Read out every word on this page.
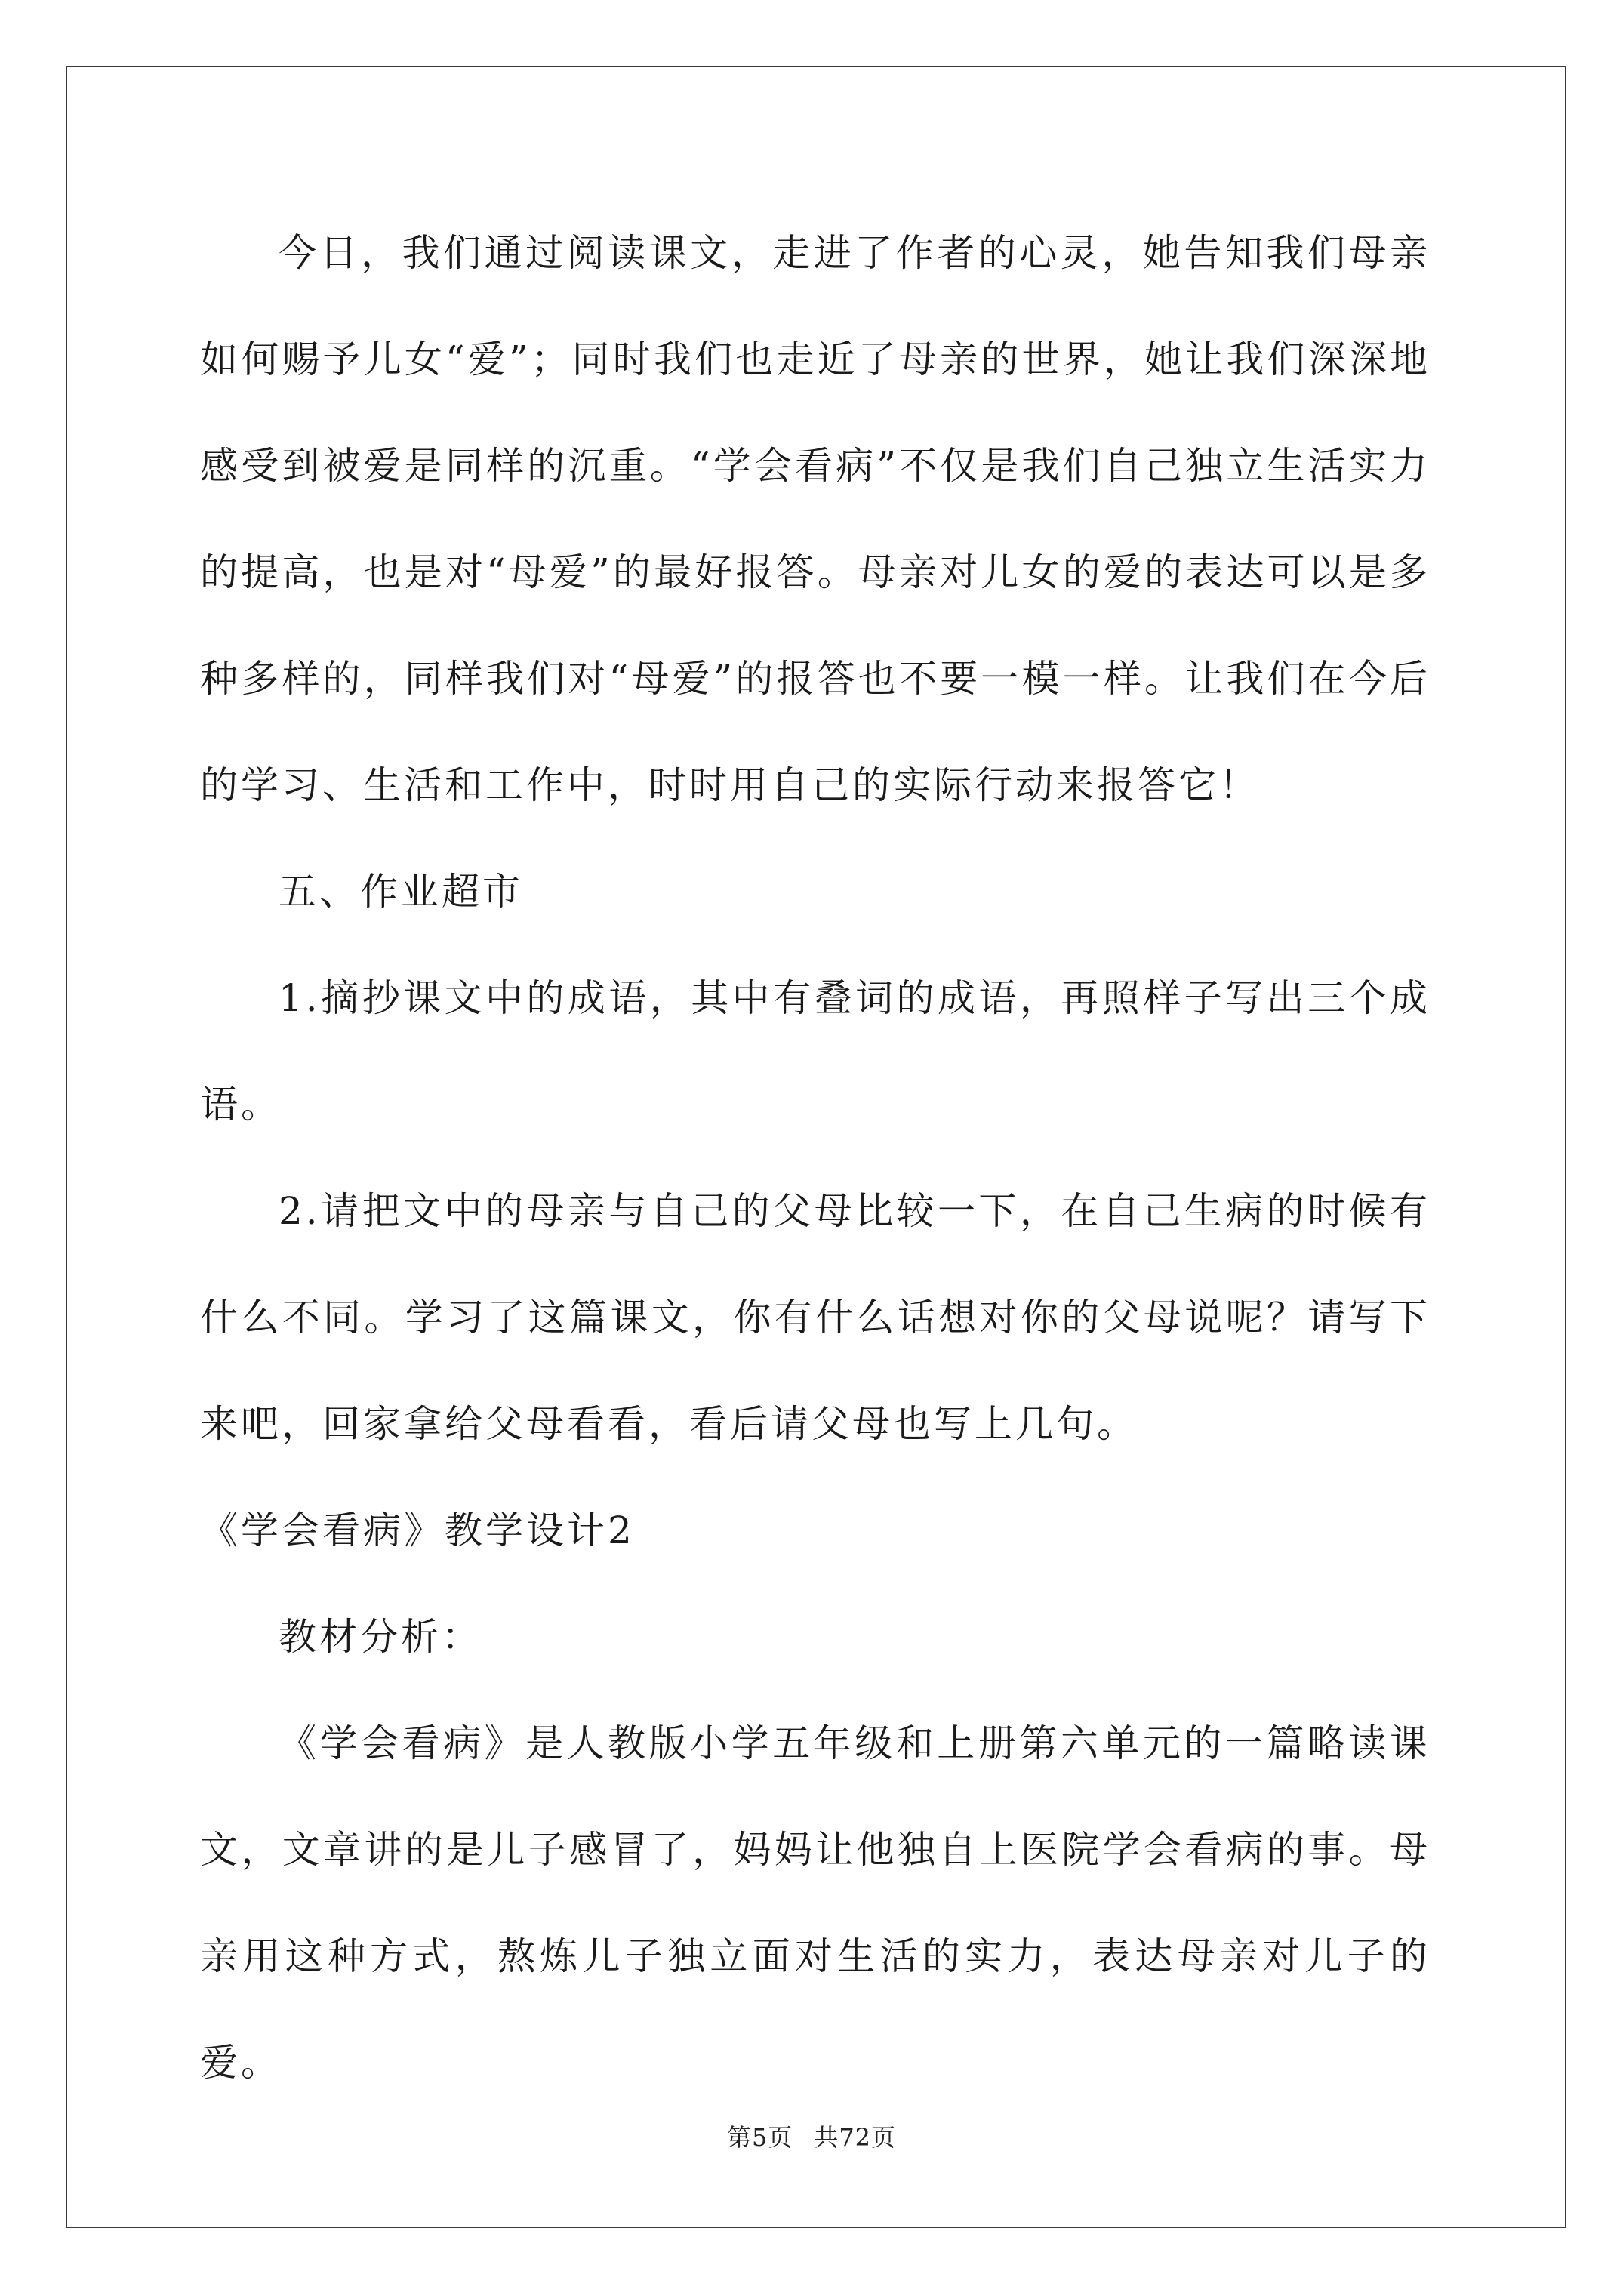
今日，我们通过阅读课文，走进了作者的心灵，她告知我们母亲如何赐予儿女“爱”；同时我们也走近了母亲的世界，她让我们深深地感受到被爱是同样的沉重。“学会看病”不仅是我们自己独立生活实力的提高，也是对“母爱”的最好报答。母亲对儿女的爱的表达可以是多种多样的，同样我们对“母爱”的报答也不要一模一样。让我们在今后的学习、生活和工作中，时时用自己的实际行动来报答它！

五、作业超市

1.摘抄课文中的成语，其中有叠词的成语，再照样子写出三个成语。

2.请把文中的母亲与自己的父母比较一下，在自己生病的时候有什么不同。学习了这篇课文，你有什么话想对你的父母说呢？请写下来吧，回家拿给父母看看，看后请父母也写上几句。

《学会看病》教学设计2

教材分析：

《学会看病》是人教版小学五年级和上册第六单元的一篇略读课文，文章讲的是儿子感冒了，妈妈让他独自上医院学会看病的事。母亲用这种方式，熬炼儿子独立面对生活的实力，表达母亲对儿子的爱。

第5页 共72页
